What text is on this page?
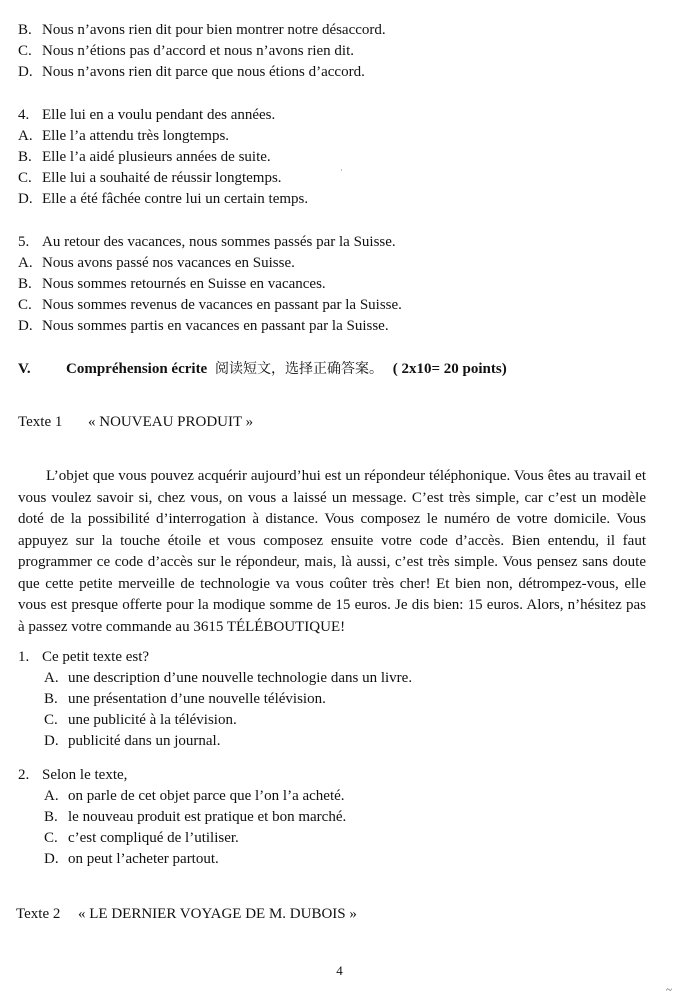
B. Nous n’avons rien dit pour bien montrer notre désaccord.
C. Nous n’étions pas d’accord et nous n’avons rien dit.
D. Nous n’avons rien dit parce que nous étions d’accord.
4. Elle lui en a voulu pendant des années.
A. Elle l’a attendu très longtemps.
B. Elle l’a aidé plusieurs années de suite.
C. Elle lui a souhaité de réussir longtemps.
D. Elle a été fâchée contre lui un certain temps.
5. Au retour des vacances, nous sommes passés par la Suisse.
A. Nous avons passé nos vacances en Suisse.
B. Nous sommes retournés en Suisse en vacances.
C. Nous sommes revenus de vacances en passant par la Suisse.
D. Nous sommes partis en vacances en passant par la Suisse.
V. Compréhension écrite 阅读短文，选择正确答案。 ( 2x10= 20 points)
Texte 1 « NOUVEAU PRODUIT »

L’objet que vous pouvez acquérir aujourd’hui est un répondeur téléphonique. Vous êtes au travail et vous voulez savoir si, chez vous, on vous a laissé un message. C’est très simple, car c’est un modèle doté de la possibilité d’interrogation à distance. Vous composez le numéro de votre domicile. Vous appuyez sur la touche étoile et vous composez ensuite votre code d’accès. Bien entendu, il faut programmer ce code d’accès sur le répondeur, mais, là aussi, c’est très simple. Vous pensez sans doute que cette petite merveille de technologie va vous coûter très cher! Et bien non, détrompez-vous, elle vous est presque offerte pour la modique somme de 15 euros. Je dis bien: 15 euros. Alors, n’hésitez pas à passez votre commande au 3615 TÉLÉBOUTIQUE!

1. Ce petit texte est?
A. une description d’une nouvelle technologie dans un livre.
B. une présentation d’une nouvelle télévision.
C. une publicité à la télévision.
D. publicité dans un journal.
2. Selon le texte,
A. on parle de cet objet parce que l’on l’a acheté.
B. le nouveau produit est pratique et bon marché.
C. c’est compliqué de l’utiliser.
D. on peut l’acheter partout.
Texte 2 « LE DERNIER VOYAGE DE M. DUBOIS »
4
·
~
